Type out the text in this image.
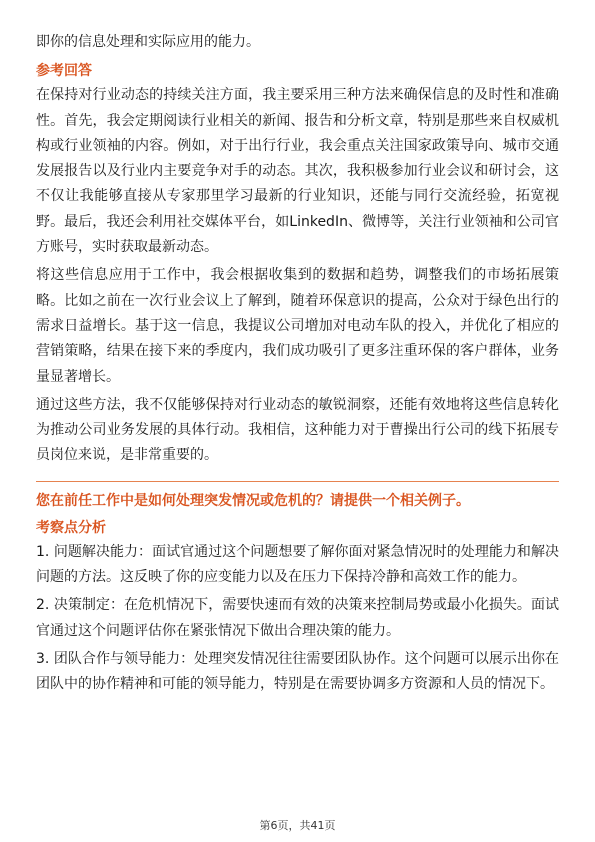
即你的信息处理和实际应用的能力。

参考回答

在保持对行业动态的持续关注方面，我主要采用三种方法来确保信息的及时性和准确性。首先，我会定期阅读行业相关的新闻、报告和分析文章，特别是那些来自权威机构或行业领袖的内容。例如，对于出行行业，我会重点关注国家政策导向、城市交通发展报告以及行业内主要竞争对手的动态。其次，我积极参加行业会议和研讨会，这不仅让我能够直接从专家那里学习最新的行业知识，还能与同行交流经验，拓宽视野。最后，我还会利用社交媒体平台，如LinkedIn、微博等，关注行业领袖和公司官方账号，实时获取最新动态。

将这些信息应用于工作中，我会根据收集到的数据和趋势，调整我们的市场拓展策略。比如之前在一次行业会议上了解到，随着环保意识的提高，公众对于绿色出行的需求日益增长。基于这一信息，我提议公司增加对电动车队的投入，并优化了相应的营销策略，结果在接下来的季度内，我们成功吸引了更多注重环保的客户群体，业务量显著增长。

通过这些方法，我不仅能够保持对行业动态的敏锐洞察，还能有效地将这些信息转化为推动公司业务发展的具体行动。我相信，这种能力对于曹操出行公司的线下拓展专员岗位来说，是非常重要的。

您在前任工作中是如何处理突发情况或危机的？请提供一个相关例子。

考察点分析

1. 问题解决能力：面试官通过这个问题想要了解你面对紧急情况时的处理能力和解决问题的方法。这反映了你的应变能力以及在压力下保持冷静和高效工作的能力。

2. 决策制定：在危机情况下，需要快速而有效的决策来控制局势或最小化损失。面试官通过这个问题评估你在紧张情况下做出合理决策的能力。

3. 团队合作与领导能力：处理突发情况往往需要团队协作。这个问题可以展示出你在团队中的协作精神和可能的领导能力，特别是在需要协调多方资源和人员的情况下。

第6页，共41页
